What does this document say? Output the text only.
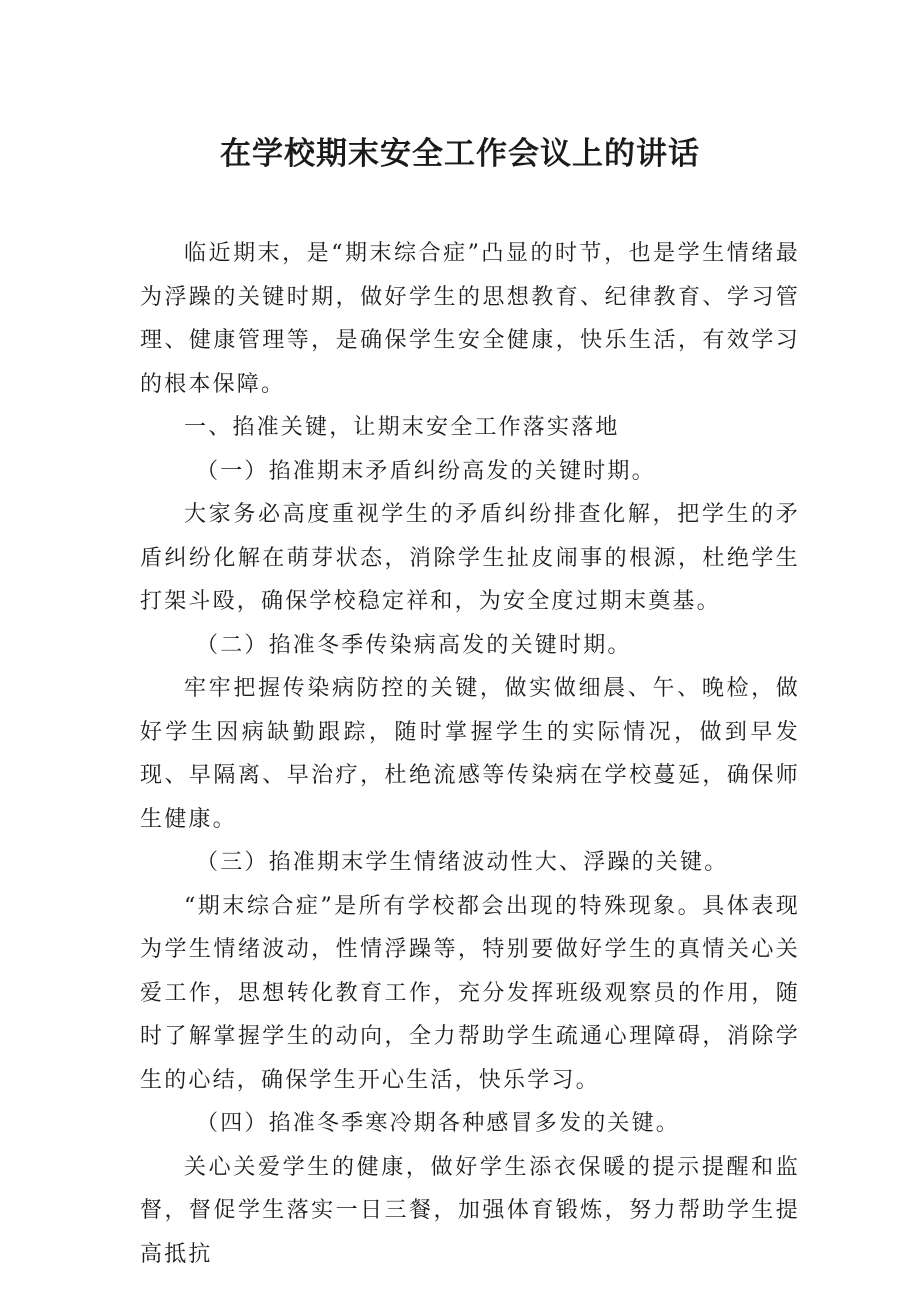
在学校期末安全工作会议上的讲话

临近期末，是“期末综合症”凸显的时节，也是学生情绪最为浮躁的关键时期，做好学生的思想教育、纪律教育、学习管理、健康管理等，是确保学生安全健康，快乐生活，有效学习的根本保障。

一、掐准关键，让期末安全工作落实落地

（一）掐准期末矛盾纠纷高发的关键时期。

大家务必高度重视学生的矛盾纠纷排查化解，把学生的矛盾纠纷化解在萌芽状态，消除学生扯皮闹事的根源，杜绝学生打架斗殴，确保学校稳定祥和，为安全度过期末奠基。

（二）掐准冬季传染病高发的关键时期。

牢牢把握传染病防控的关键，做实做细晨、午、晚检，做好学生因病缺勤跟踪，随时掌握学生的实际情况，做到早发现、早隔离、早治疗，杜绝流感等传染病在学校蔓延，确保师生健康。

（三）掐准期末学生情绪波动性大、浮躁的关键。

“期末综合症”是所有学校都会出现的特殊现象。具体表现为学生情绪波动，性情浮躁等，特别要做好学生的真情关心关爱工作，思想转化教育工作，充分发挥班级观察员的作用，随时了解掌握学生的动向，全力帮助学生疏通心理障碍，消除学生的心结，确保学生开心生活，快乐学习。

（四）掐准冬季寒冷期各种感冒多发的关键。

关心关爱学生的健康，做好学生添衣保暖的提示提醒和监督，督促学生落实一日三餐，加强体育锻炼，努力帮助学生提高抵抗
